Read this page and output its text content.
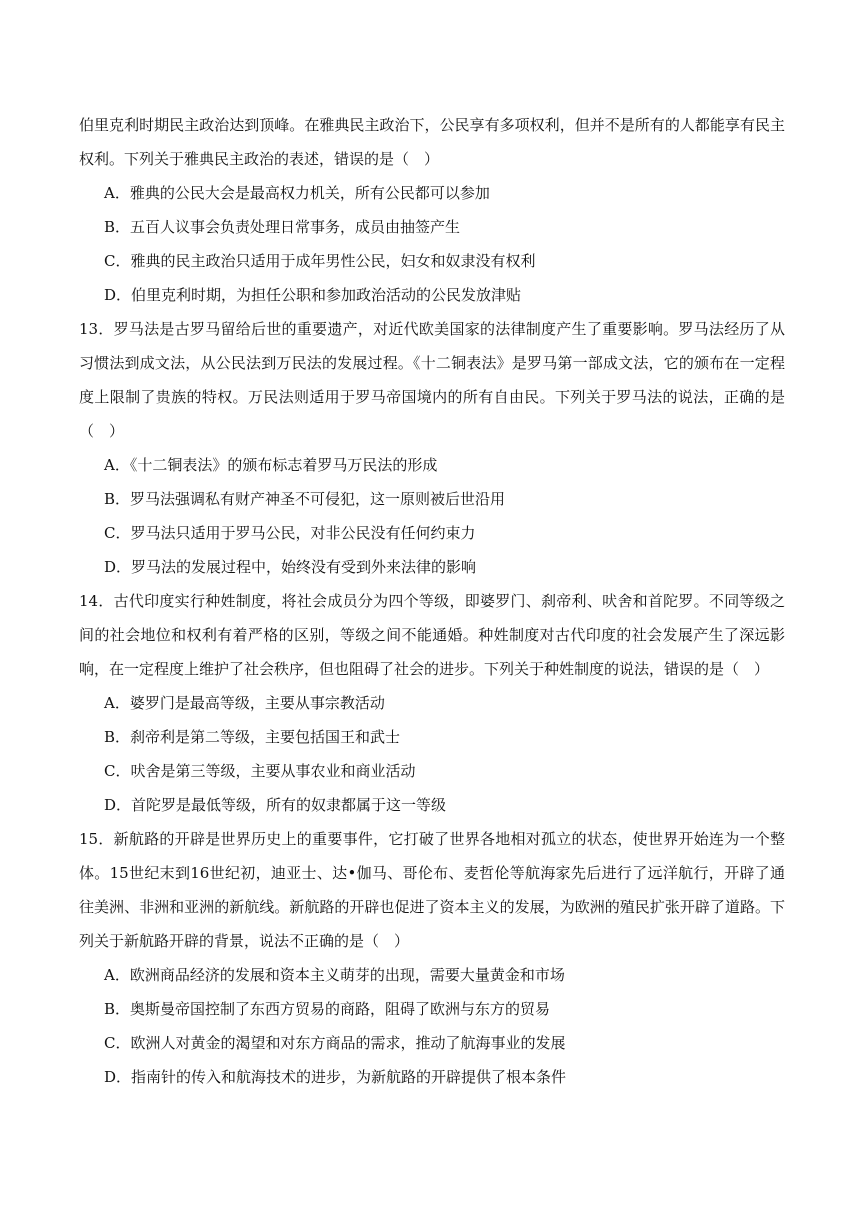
伯里克利时期民主政治达到顶峰。在雅典民主政治下，公民享有多项权利，但并不是所有的人都能享有民主权利。下列关于雅典民主政治的表述，错误的是（　）

A．雅典的公民大会是最高权力机关，所有公民都可以参加

B．五百人议事会负责处理日常事务，成员由抽签产生

C．雅典的民主政治只适用于成年男性公民，妇女和奴隶没有权利

D．伯里克利时期，为担任公职和参加政治活动的公民发放津贴

13．罗马法是古罗马留给后世的重要遗产，对近代欧美国家的法律制度产生了重要影响。罗马法经历了从习惯法到成文法，从公民法到万民法的发展过程。《十二铜表法》是罗马第一部成文法，它的颁布在一定程度上限制了贵族的特权。万民法则适用于罗马帝国境内的所有自由民。下列关于罗马法的说法，正确的是（　）

A．《十二铜表法》的颁布标志着罗马万民法的形成

B．罗马法强调私有财产神圣不可侵犯，这一原则被后世沿用

C．罗马法只适用于罗马公民，对非公民没有任何约束力

D．罗马法的发展过程中，始终没有受到外来法律的影响

14．古代印度实行种姓制度，将社会成员分为四个等级，即婆罗门、刹帝利、吠舍和首陀罗。不同等级之间的社会地位和权利有着严格的区别，等级之间不能通婚。种姓制度对古代印度的社会发展产生了深远影响，在一定程度上维护了社会秩序，但也阻碍了社会的进步。下列关于种姓制度的说法，错误的是（　）

A．婆罗门是最高等级，主要从事宗教活动

B．刹帝利是第二等级，主要包括国王和武士

C．吠舍是第三等级，主要从事农业和商业活动

D．首陀罗是最低等级，所有的奴隶都属于这一等级

15．新航路的开辟是世界历史上的重要事件，它打破了世界各地相对孤立的状态，使世界开始连为一个整体。15世纪末到16世纪初，迪亚士、达•伽马、哥伦布、麦哲伦等航海家先后进行了远洋航行，开辟了通往美洲、非洲和亚洲的新航线。新航路的开辟也促进了资本主义的发展，为欧洲的殖民扩张开辟了道路。下列关于新航路开辟的背景，说法不正确的是（　）

A．欧洲商品经济的发展和资本主义萌芽的出现，需要大量黄金和市场

B．奥斯曼帝国控制了东西方贸易的商路，阻碍了欧洲与东方的贸易

C．欧洲人对黄金的渴望和对东方商品的需求，推动了航海事业的发展

D．指南针的传入和航海技术的进步，为新航路的开辟提供了根本条件
